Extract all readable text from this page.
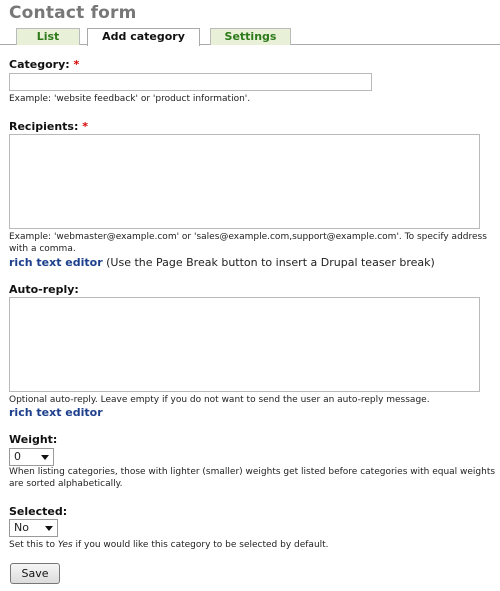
Contact form
List	Add category	Settings
Category: *
Example: 'website feedback' or 'product information'.
Recipients: *
Example: 'webmaster@example.com' or 'sales@example.com,support@example.com'. To specify address with a comma.
rich text editor (Use the Page Break button to insert a Drupal teaser break)
Auto-reply:
Optional auto-reply. Leave empty if you do not want to send the user an auto-reply message.
rich text editor
Weight:
0
When listing categories, those with lighter (smaller) weights get listed before categories with equal weights are sorted alphabetically.
Selected:
No
Set this to Yes if you would like this category to be selected by default.
Save
